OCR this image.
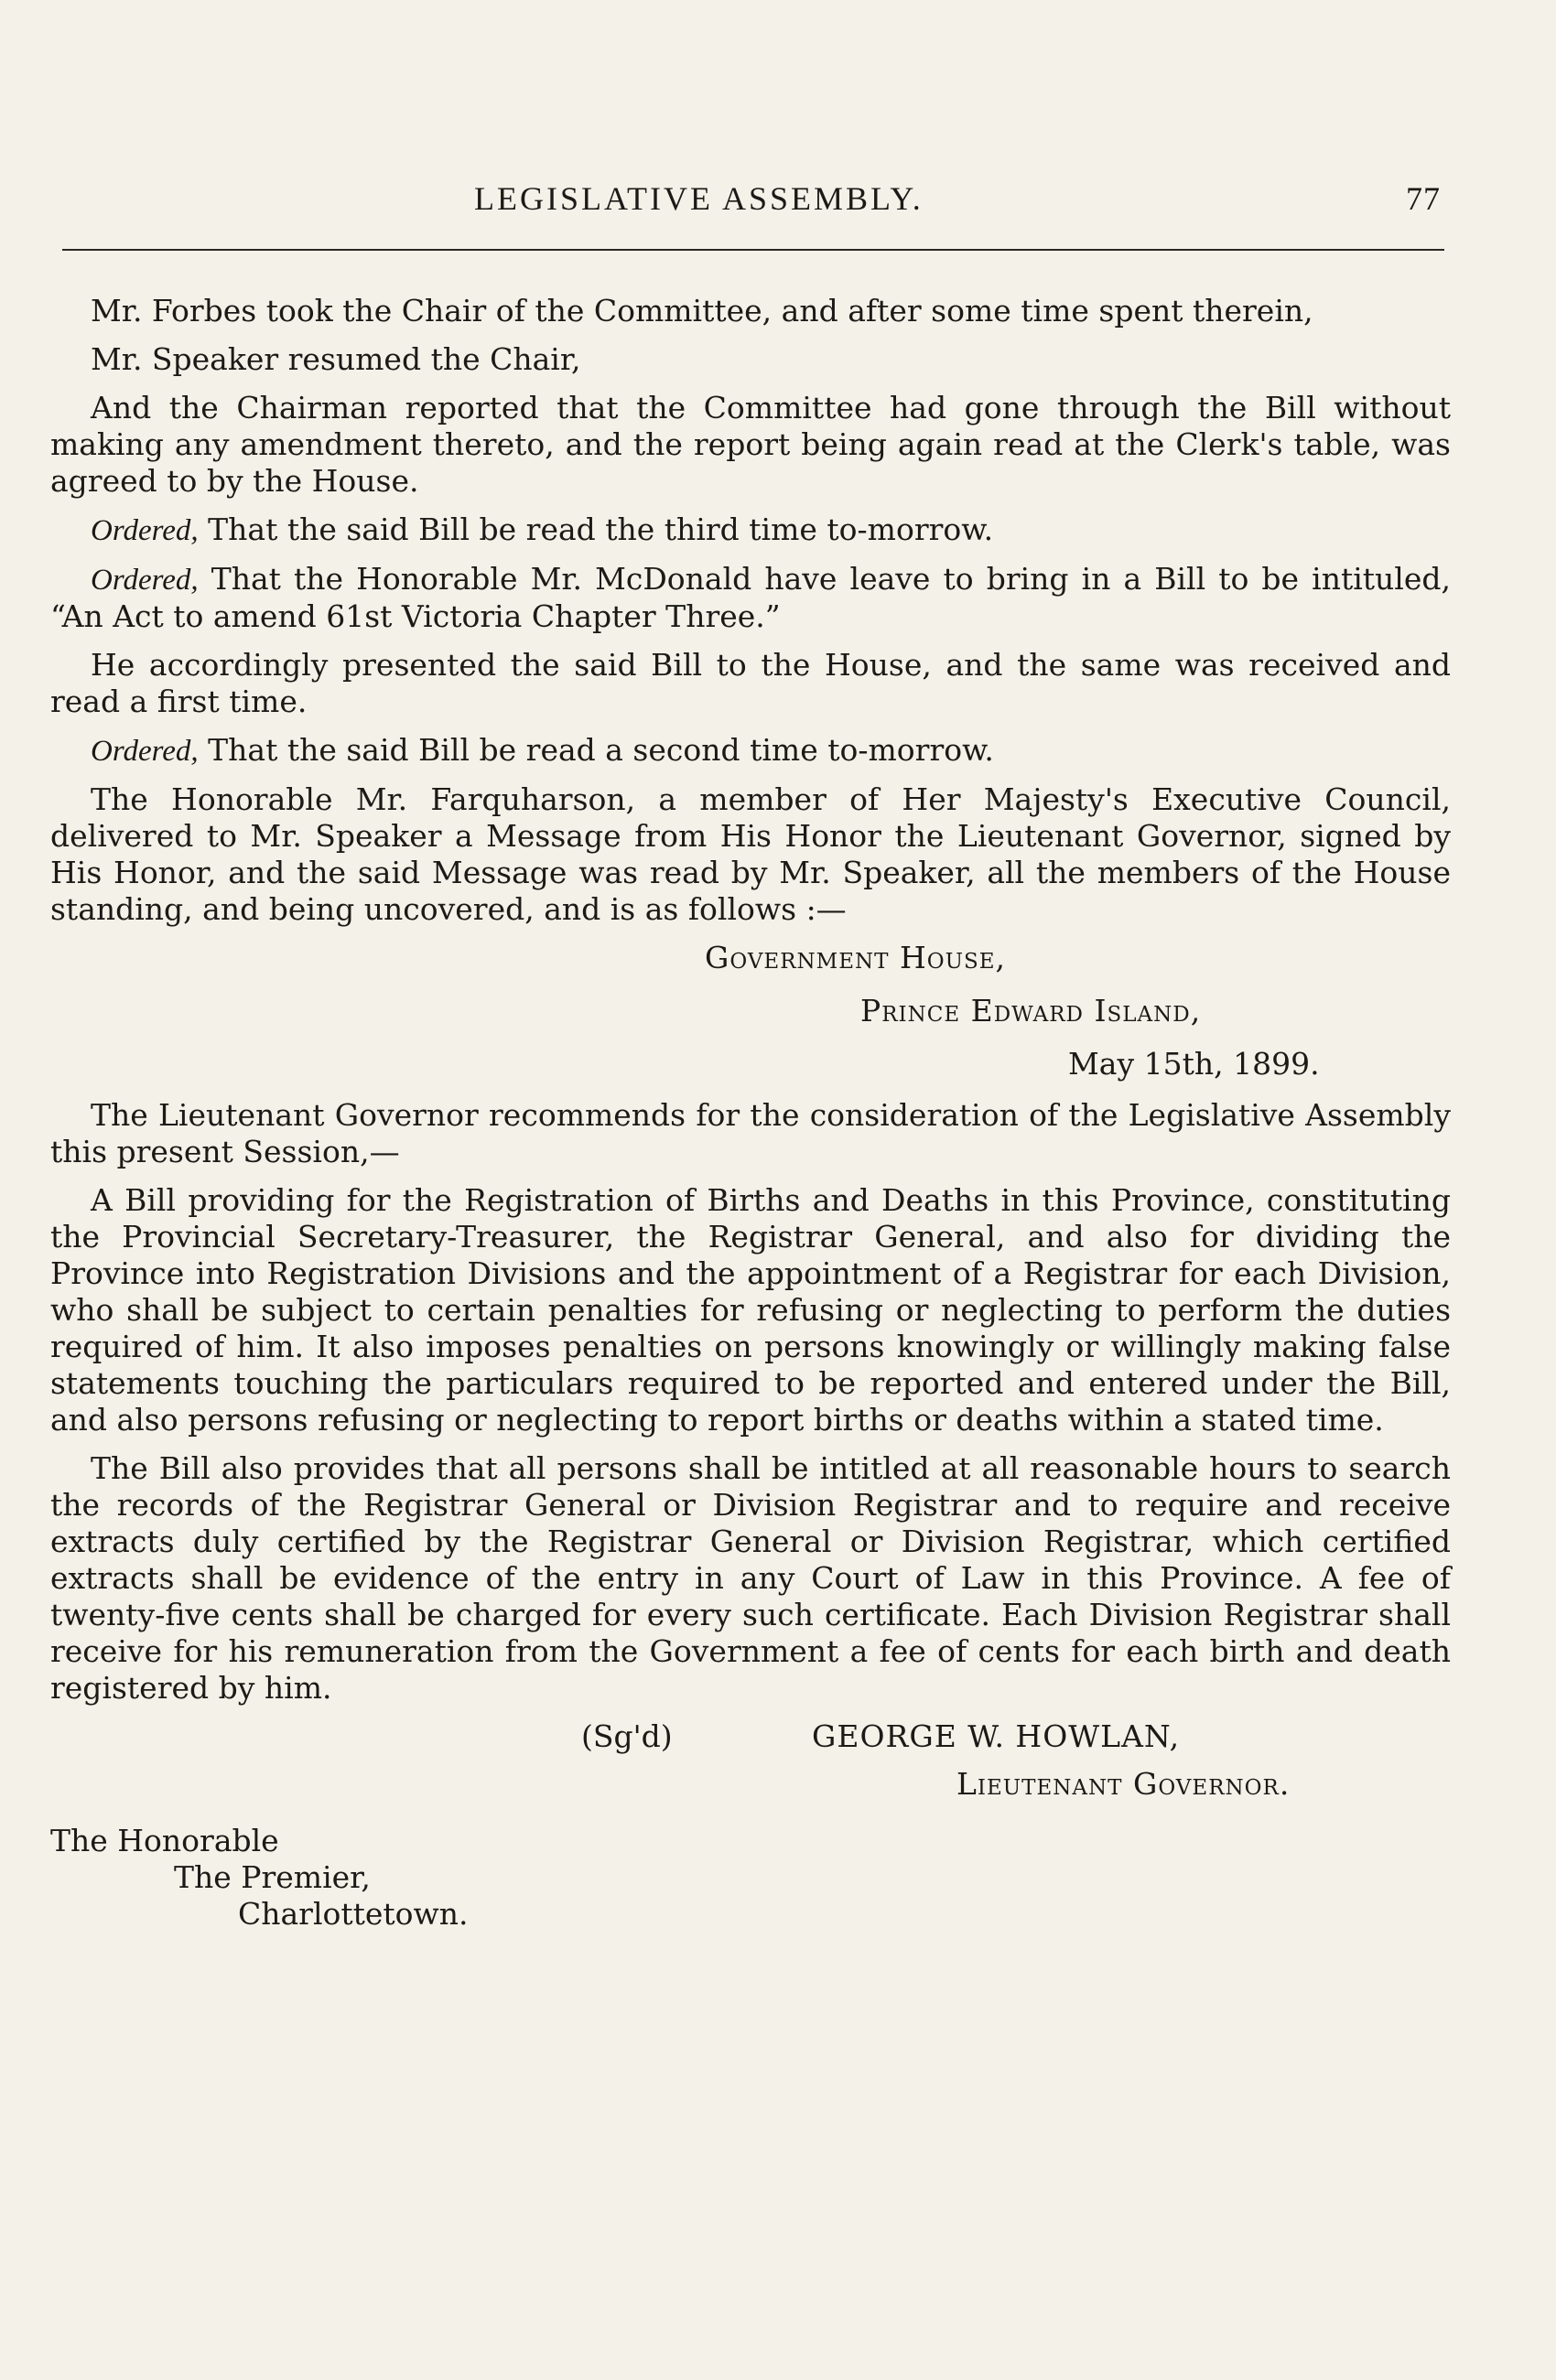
LEGISLATIVE ASSEMBLY.	77

Mr. Forbes took the Chair of the Committee, and after some time spent therein,

Mr. Speaker resumed the Chair,

And the Chairman reported that the Committee had gone through the Bill without making any amendment thereto, and the report being again read at the Clerk's table, was agreed to by the House.

Ordered, That the said Bill be read the third time to-morrow.

Ordered, That the Honorable Mr. McDonald have leave to bring in a Bill to be intituled, “An Act to amend 61st Victoria Chapter Three.”

He accordingly presented the said Bill to the House, and the same was received and read a first time.

Ordered, That the said Bill be read a second time to-morrow.

The Honorable Mr. Farquharson, a member of Her Majesty's Executive Council, delivered to Mr. Speaker a Message from His Honor the Lieutenant Governor, signed by His Honor, and the said Message was read by Mr. Speaker, all the members of the House standing, and being uncovered, and is as follows :—

Government House,
Prince Edward Island,
May 15th, 1899.

The Lieutenant Governor recommends for the consideration of the Legislative Assembly this present Session,—

A Bill providing for the Registration of Births and Deaths in this Province, constituting the Provincial Secretary-Treasurer, the Registrar General, and also for dividing the Province into Registration Divisions and the appointment of a Registrar for each Division, who shall be subject to certain penalties for refusing or neglecting to perform the duties required of him. It also imposes penalties on persons knowingly or willingly making false statements touching the particulars required to be reported and entered under the Bill, and also persons refusing or neglecting to report births or deaths within a stated time.

The Bill also provides that all persons shall be intitled at all reasonable hours to search the records of the Registrar General or Division Registrar and to require and receive extracts duly certified by the Registrar General or Division Registrar, which certified extracts shall be evidence of the entry in any Court of Law in this Province. A fee of twenty-five cents shall be charged for every such certificate. Each Division Registrar shall receive for his remuneration from the Government a fee of cents for each birth and death registered by him.

(Sg'd)	GEORGE W. HOWLAN,
Lieutenant Governor.
The Honorable
The Premier,
Charlottetown.
